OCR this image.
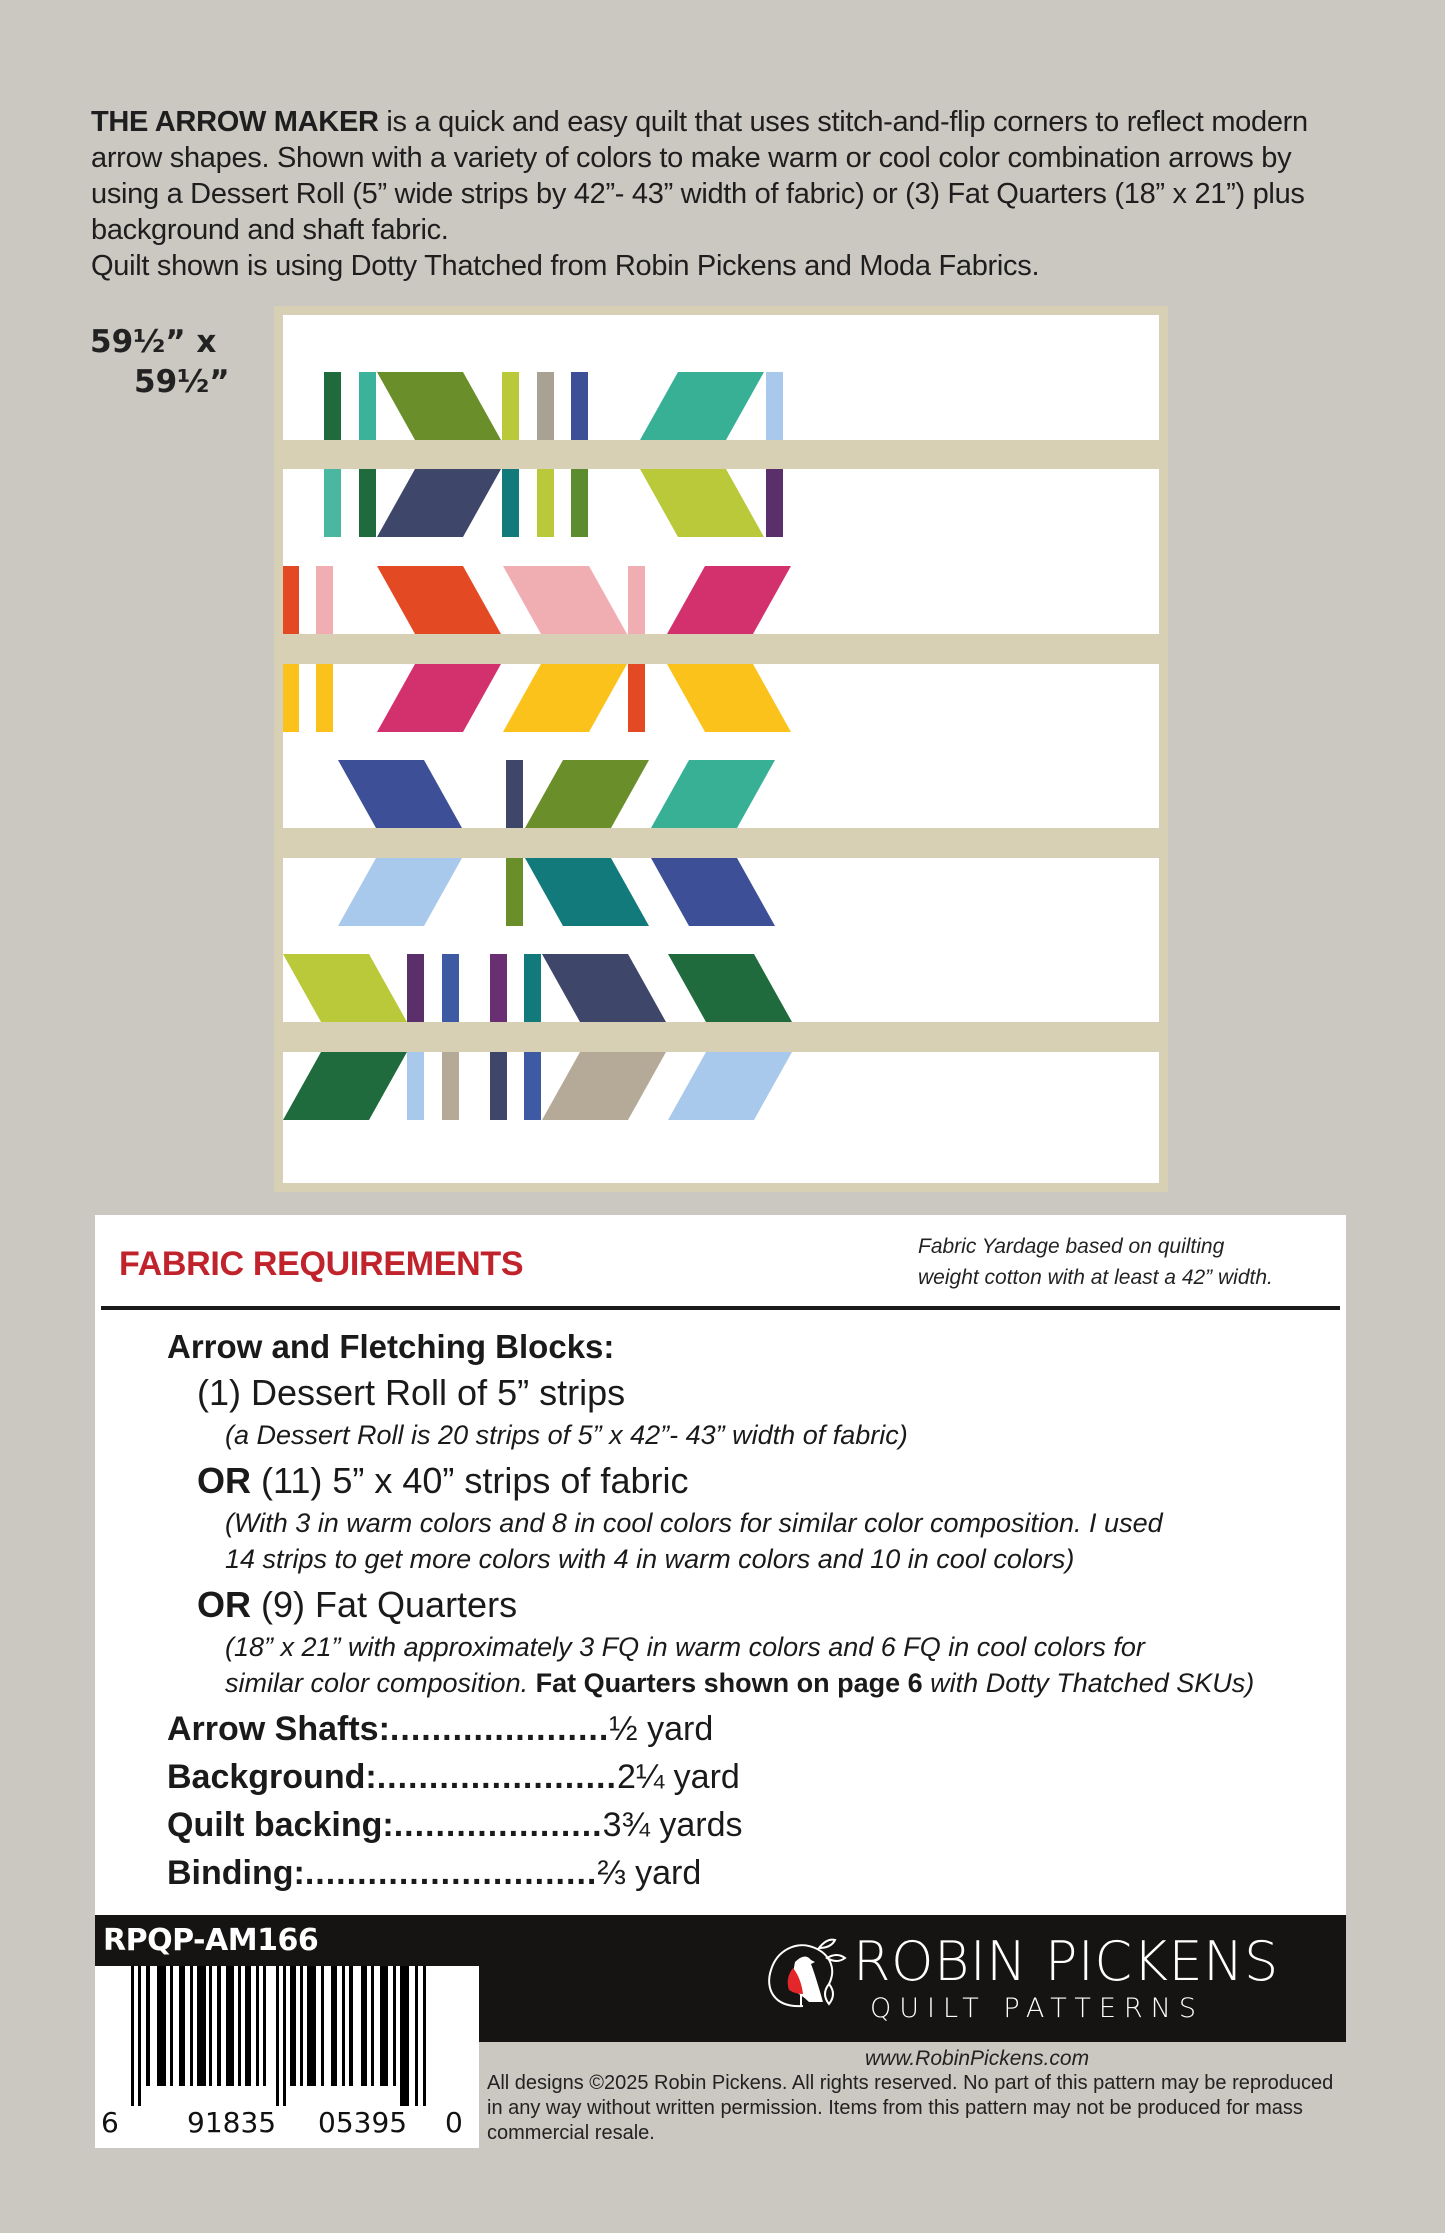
THE ARROW MAKER is a quick and easy quilt that uses stitch-and-flip corners to reflect modern arrow shapes. Shown with a variety of colors to make warm or cool color combination arrows by using a Dessert Roll (5” wide strips by 42”- 43” width of fabric) or (3) Fat Quarters (18” x 21”) plus background and shaft fabric.
Quilt shown is using Dotty Thatched from Robin Pickens and Moda Fabrics.
59½” x
59½”
FABRIC REQUIREMENTS	Fabric Yardage based on quilting
weight cotton with at least a 42” width.
Arrow and Fletching Blocks:
(1) Dessert Roll of 5” strips
(a Dessert Roll is 20 strips of 5” x 42”- 43” width of fabric)
OR (11) 5” x 40” strips of fabric
(With 3 in warm colors and 8 in cool colors for similar color composition. I used
14 strips to get more colors with 4 in warm colors and 10 in cool colors)
OR (9) Fat Quarters
(18” x 21” with approximately 3 FQ in warm colors and 6 FQ in cool colors for
similar color composition. Fat Quarters shown on page 6 with Dotty Thatched SKUs)
Arrow Shafts: ..................... ½ yard
Background: ....................... 2¼ yard
Quilt backing: .................... 3¾ yards
Binding: ............................ ⅔ yard
RPQP-AM166	ROBIN PICKENS
QUILT PATTERNS
6 91835 05395 0
www.RobinPickens.com
All designs ©2025 Robin Pickens. All rights reserved. No part of this pattern may be reproduced in any way without written permission. Items from this pattern may not be produced for mass commercial resale.
